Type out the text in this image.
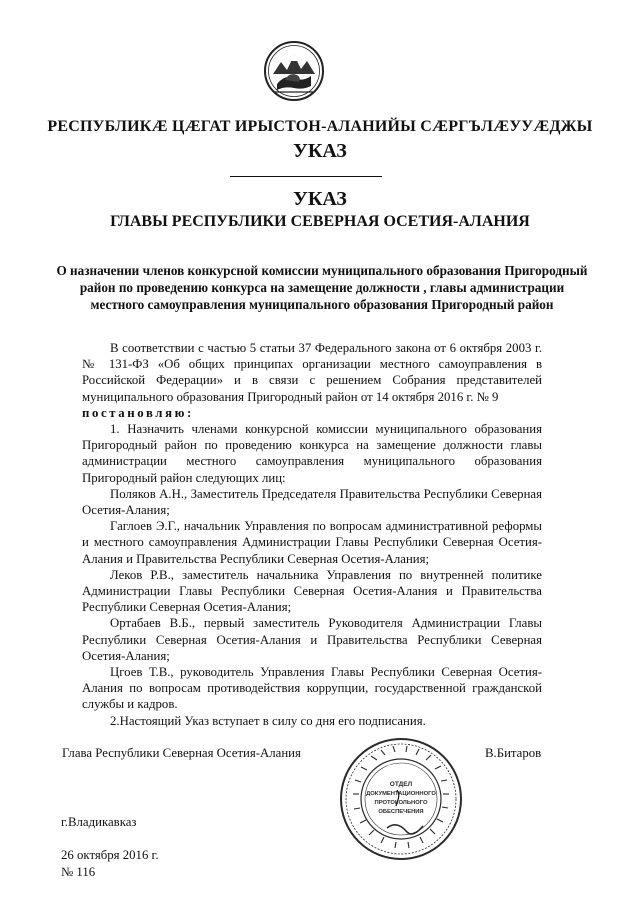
РЕСПУБЛИКӔ ЦӔГАТ ИРЫСТОН-АЛАНИЙЫ СӔРГЪЛӔУУӔДЖЫ
УКАЗ
УКАЗ
ГЛАВЫ РЕСПУБЛИКИ СЕВЕРНАЯ ОСЕТИЯ-АЛАНИЯ
О назначении членов конкурсной комиссии муниципального образования Пригородный район по проведению конкурса на замещение должности , главы администрации местного самоуправления муниципального образования Пригородный район

В соответствии с частью 5 статьи 37 Федерального закона от 6 октября 2003 г. № 131-ФЗ «Об общих принципах организации местного самоуправления в Российской Федерации» и в связи с решением Собрания представителей муниципального образования Пригородный район от 14 октября 2016 г. № 9

постановляю:

1. Назначить членами конкурсной комиссии муниципального образования Пригородный район по проведению конкурса на замещение должности главы администрации местного самоуправления муниципального образования Пригородный район следующих лиц:

Поляков А.Н., Заместитель Председателя Правительства Республики Северная Осетия-Алания;

Гаглоев Э.Г., начальник Управления по вопросам административной реформы и местного самоуправления Администрации Главы Республики Северная Осетия-Алания и Правительства Республики Северная Осетия-Алания;

Леков Р.В., заместитель начальника Управления по внутренней политике Администрации Главы Республики Северная Осетия-Алания и Правительства Республики Северная Осетия-Алания;

Ортабаев В.Б., первый заместитель Руководителя Администрации Главы Республики Северная Осетия-Алания и Правительства Республики Северная Осетия-Алания;

Цгоев Т.В., руководитель Управления Главы Республики Северная Осетия-Алания по вопросам противодействия коррупции, государственной гражданской службы и кадров.

2.Настоящий Указ вступает в силу со дня его подписания.

Глава Республики Северная Осетия-Алания	В.Битаров
ОТДЕЛ
ДОКУМЕНТАЦИОННОГО
ПРОТОКОЛЬНОГО
ОБЕСПЕЧЕНИЯ
г.Владикавказ
26 октября 2016 г.
№ 116
